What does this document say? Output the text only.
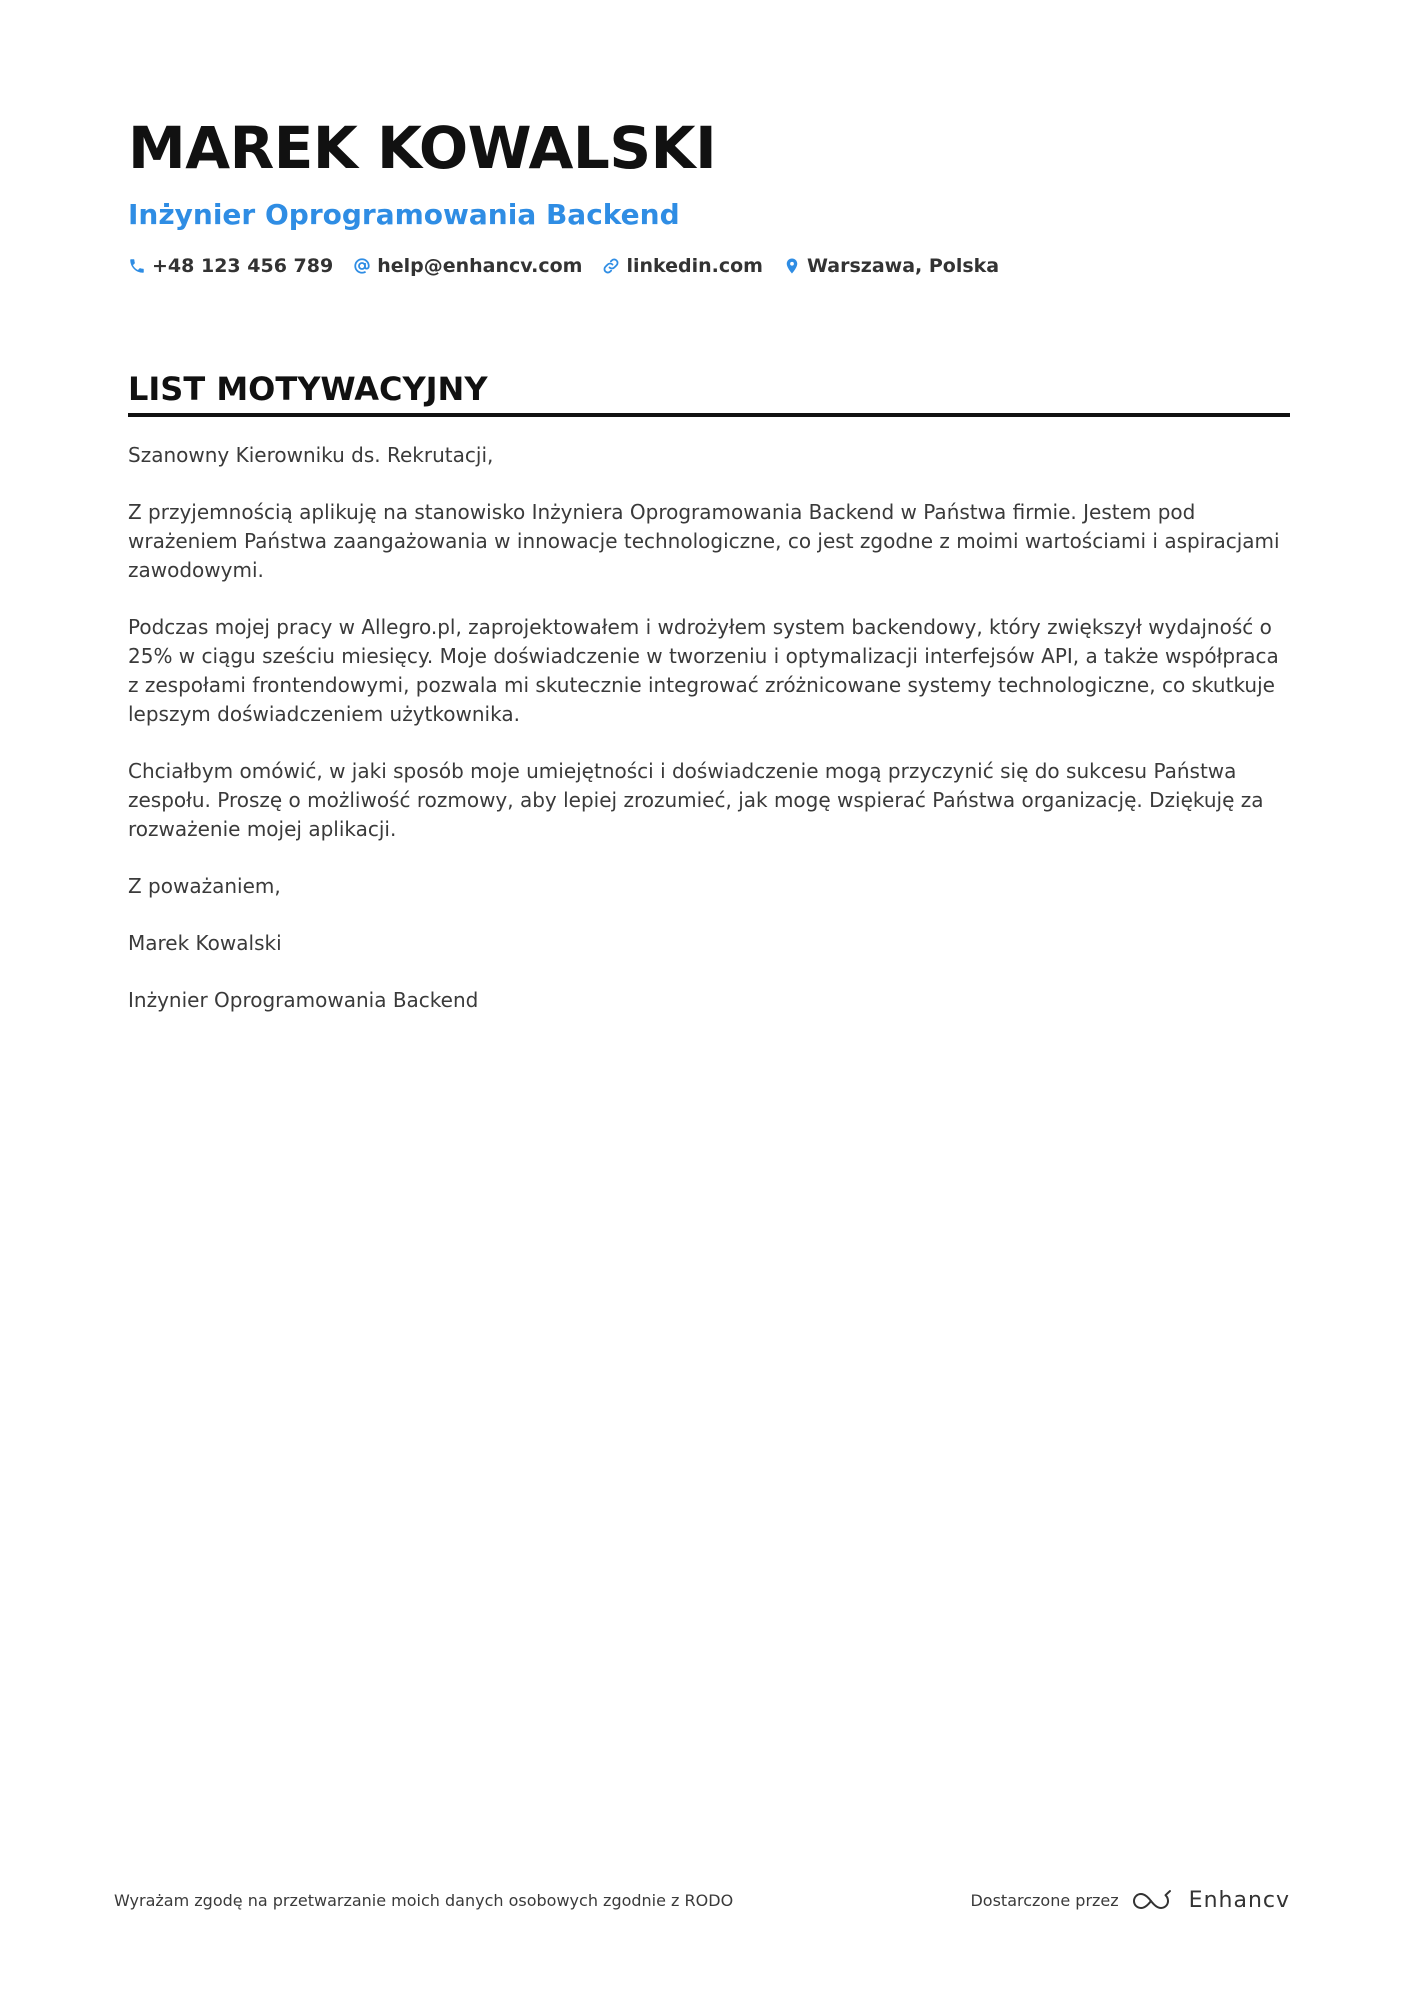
MAREK KOWALSKI
Inżynier Oprogramowania Backend
+48 123 456 789 help@enhancv.com linkedin.com Warszawa, Polska
LIST MOTYWACYJNY

Szanowny Kierowniku ds. Rekrutacji,

Z przyjemnością aplikuję na stanowisko Inżyniera Oprogramowania Backend w Państwa firmie. Jestem pod wrażeniem Państwa zaangażowania w innowacje technologiczne, co jest zgodne z moimi wartościami i aspiracjami zawodowymi.

Podczas mojej pracy w Allegro.pl, zaprojektowałem i wdrożyłem system backendowy, który zwiększył wydajność o 25% w ciągu sześciu miesięcy. Moje doświadczenie w tworzeniu i optymalizacji interfejsów API, a także współpraca z zespołami frontendowymi, pozwala mi skutecznie integrować zróżnicowane systemy technologiczne, co skutkuje lepszym doświadczeniem użytkownika.

Chciałbym omówić, w jaki sposób moje umiejętności i doświadczenie mogą przyczynić się do sukcesu Państwa zespołu. Proszę o możliwość rozmowy, aby lepiej zrozumieć, jak mogę wspierać Państwa organizację. Dziękuję za rozważenie mojej aplikacji.

Z poważaniem,

Marek Kowalski

Inżynier Oprogramowania Backend

Wyrażam zgodę na przetwarzanie moich danych osobowych zgodnie z RODO	Dostarczone przez	Enhancv
